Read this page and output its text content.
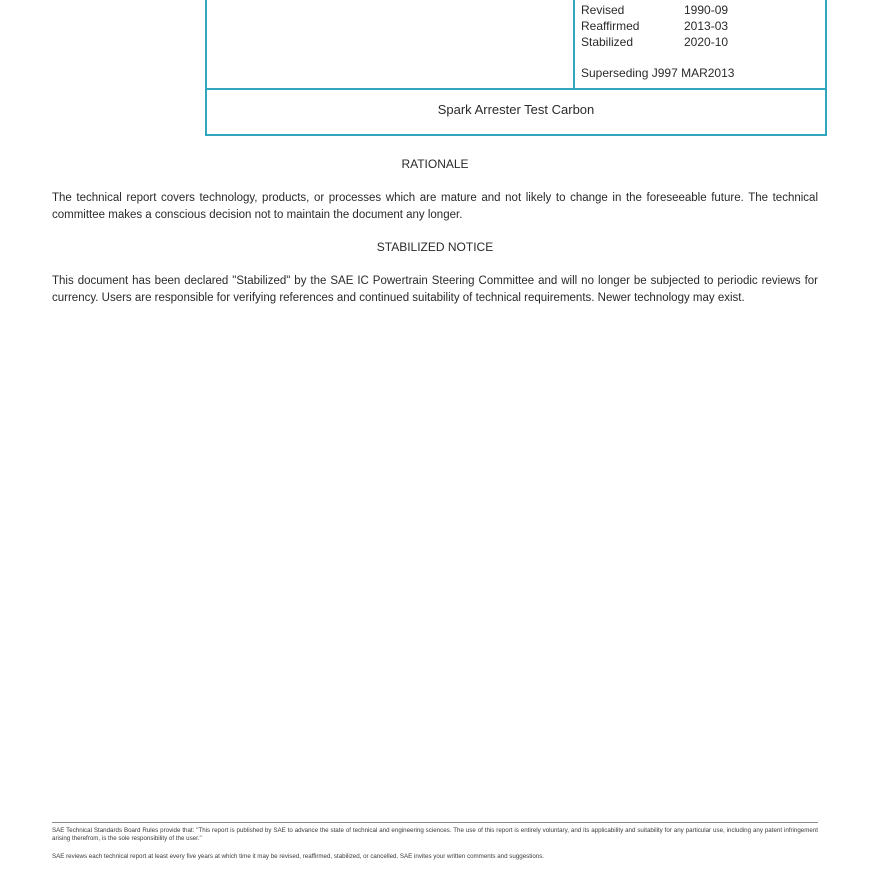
Revised	1990-09
Reaffirmed	2013-03
Stabilized	2020-10
Superseding J997 MAR2013
Spark Arrester Test Carbon
RATIONALE
The technical report covers technology, products, or processes which are mature and not likely to change in the foreseeable future. The technical committee makes a conscious decision not to maintain the document any longer.
STABILIZED NOTICE
This document has been declared "Stabilized" by the SAE IC Powertrain Steering Committee and will no longer be subjected to periodic reviews for currency. Users are responsible for verifying references and continued suitability of technical requirements. Newer technology may exist.
SAE Technical Standards Board Rules provide that: "This report is published by SAE to advance the state of technical and engineering sciences. The use of this report is entirely voluntary, and its applicability and suitability for any particular use, including any patent infringement arising therefrom, is the sole responsibility of the user."
SAE reviews each technical report at least every five years at which time it may be revised, reaffirmed, stabilized, or cancelled. SAE invites your written comments and suggestions.
